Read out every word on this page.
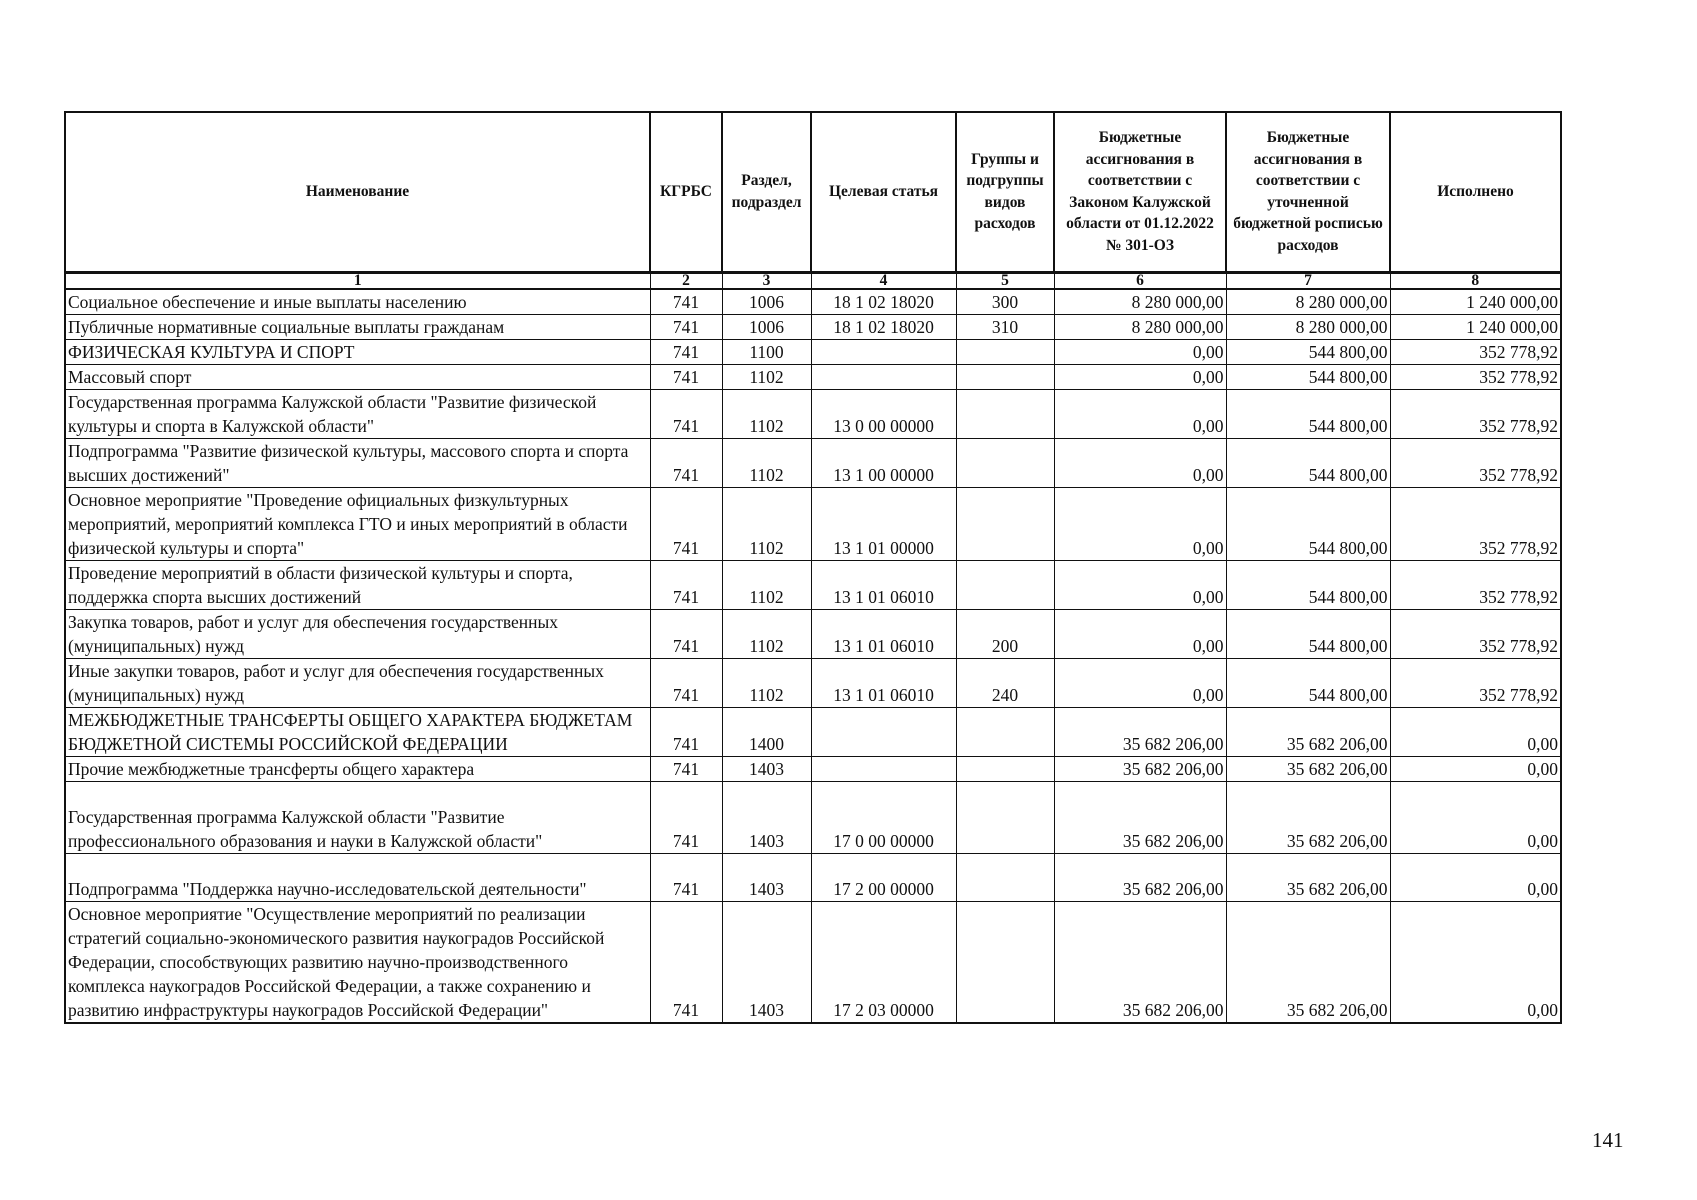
Наименование	КГРБС	Раздел, подраздел	Целевая статья	Группы и подгруппы видов расходов	Бюджетные ассигнования в соответствии с Законом Калужской области от 01.12.2022 № 301-ОЗ	Бюджетные ассигнования в соответствии с уточненной бюджетной росписью расходов	Исполнено
1	2	3	4	5	6	7	8
Социальное обеспечение и иные выплаты населению	741	1006	18 1 02 18020	300	8 280 000,00	8 280 000,00	1 240 000,00
Публичные нормативные социальные выплаты гражданам	741	1006	18 1 02 18020	310	8 280 000,00	8 280 000,00	1 240 000,00
ФИЗИЧЕСКАЯ КУЛЬТУРА И СПОРТ	741	1100			0,00	544 800,00	352 778,92
Массовый спорт	741	1102			0,00	544 800,00	352 778,92
Государственная программа Калужской области "Развитие физической культуры и спорта в Калужской области"	741	1102	13 0 00 00000		0,00	544 800,00	352 778,92
Подпрограмма "Развитие физической культуры, массового спорта и спорта высших достижений"	741	1102	13 1 00 00000		0,00	544 800,00	352 778,92
Основное мероприятие "Проведение официальных физкультурных мероприятий, мероприятий комплекса ГТО и иных мероприятий в области физической культуры и спорта"	741	1102	13 1 01 00000		0,00	544 800,00	352 778,92
Проведение мероприятий в области физической культуры и спорта, поддержка спорта высших достижений	741	1102	13 1 01 06010		0,00	544 800,00	352 778,92
Закупка товаров, работ и услуг для обеспечения государственных (муниципальных) нужд	741	1102	13 1 01 06010	200	0,00	544 800,00	352 778,92
Иные закупки товаров, работ и услуг для обеспечения государственных (муниципальных) нужд	741	1102	13 1 01 06010	240	0,00	544 800,00	352 778,92
МЕЖБЮДЖЕТНЫЕ ТРАНСФЕРТЫ ОБЩЕГО ХАРАКТЕРА БЮДЖЕТАМ БЮДЖЕТНОЙ СИСТЕМЫ РОССИЙСКОЙ ФЕДЕРАЦИИ	741	1400			35 682 206,00	35 682 206,00	0,00
Прочие межбюджетные трансферты общего характера	741	1403			35 682 206,00	35 682 206,00	0,00
Государственная программа Калужской области "Развитие профессионального образования и науки в Калужской области"	741	1403	17 0 00 00000		35 682 206,00	35 682 206,00	0,00
Подпрограмма "Поддержка научно-исследовательской деятельности"	741	1403	17 2 00 00000		35 682 206,00	35 682 206,00	0,00
Основное мероприятие "Осуществление мероприятий по реализации стратегий социально-экономического развития наукоградов Российской Федерации, способствующих развитию научно-производственного комплекса наукоградов Российской Федерации, а также сохранению и развитию инфраструктуры наукоградов Российской Федерации"	741	1403	17 2 03 00000		35 682 206,00	35 682 206,00	0,00
141
